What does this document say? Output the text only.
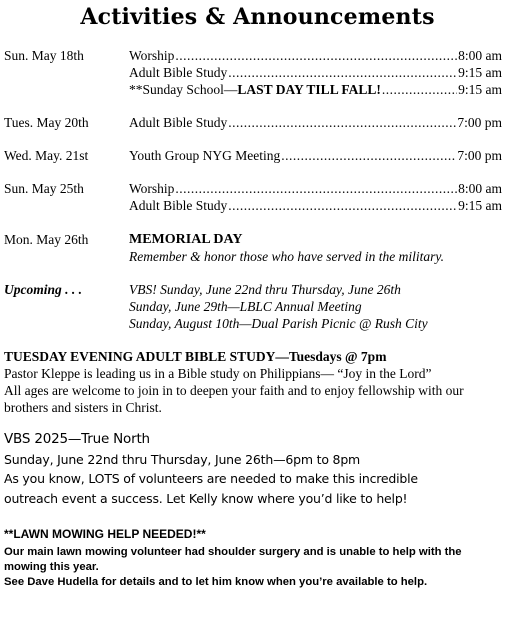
Activities & Announcements
Sun. May 18th	Worship .....	8:00 am
Adult Bible Study .....	9:15 am
**Sunday School— LAST DAY TILL FALL! .....	9:15 am
Tues. May 20th	Adult Bible Study .....	7:00 pm
Wed. May. 21st	Youth Group NYG Meeting .....	7:00 pm
Sun. May 25th	Worship .....	8:00 am
Adult Bible Study .....	9:15 am
Mon. May 26th	MEMORIAL DAY
Remember & honor those who have served in the military.
Upcoming . . .	VBS! Sunday, June 22nd thru Thursday, June 26th
Sunday, June 29th—LBLC Annual Meeting
Sunday, August 10th—Dual Parish Picnic @ Rush City
TUESDAY EVENING ADULT BIBLE STUDY—Tuesdays @ 7pm
Pastor Kleppe is leading us in a Bible study on Philippians— “Joy in the Lord”
All ages are welcome to join in to deepen your faith and to enjoy fellowship with our
brothers and sisters in Christ.
VBS 2025—True North
Sunday, June 22nd thru Thursday, June 26th—6pm to 8pm
As you know, LOTS of volunteers are needed to make this incredible
outreach event a success. Let Kelly know where you’d like to help!
**LAWN MOWING HELP NEEDED!**
Our main lawn mowing volunteer had shoulder surgery and is unable to help with the
mowing this year.
See Dave Hudella for details and to let him know when you’re available to help.
